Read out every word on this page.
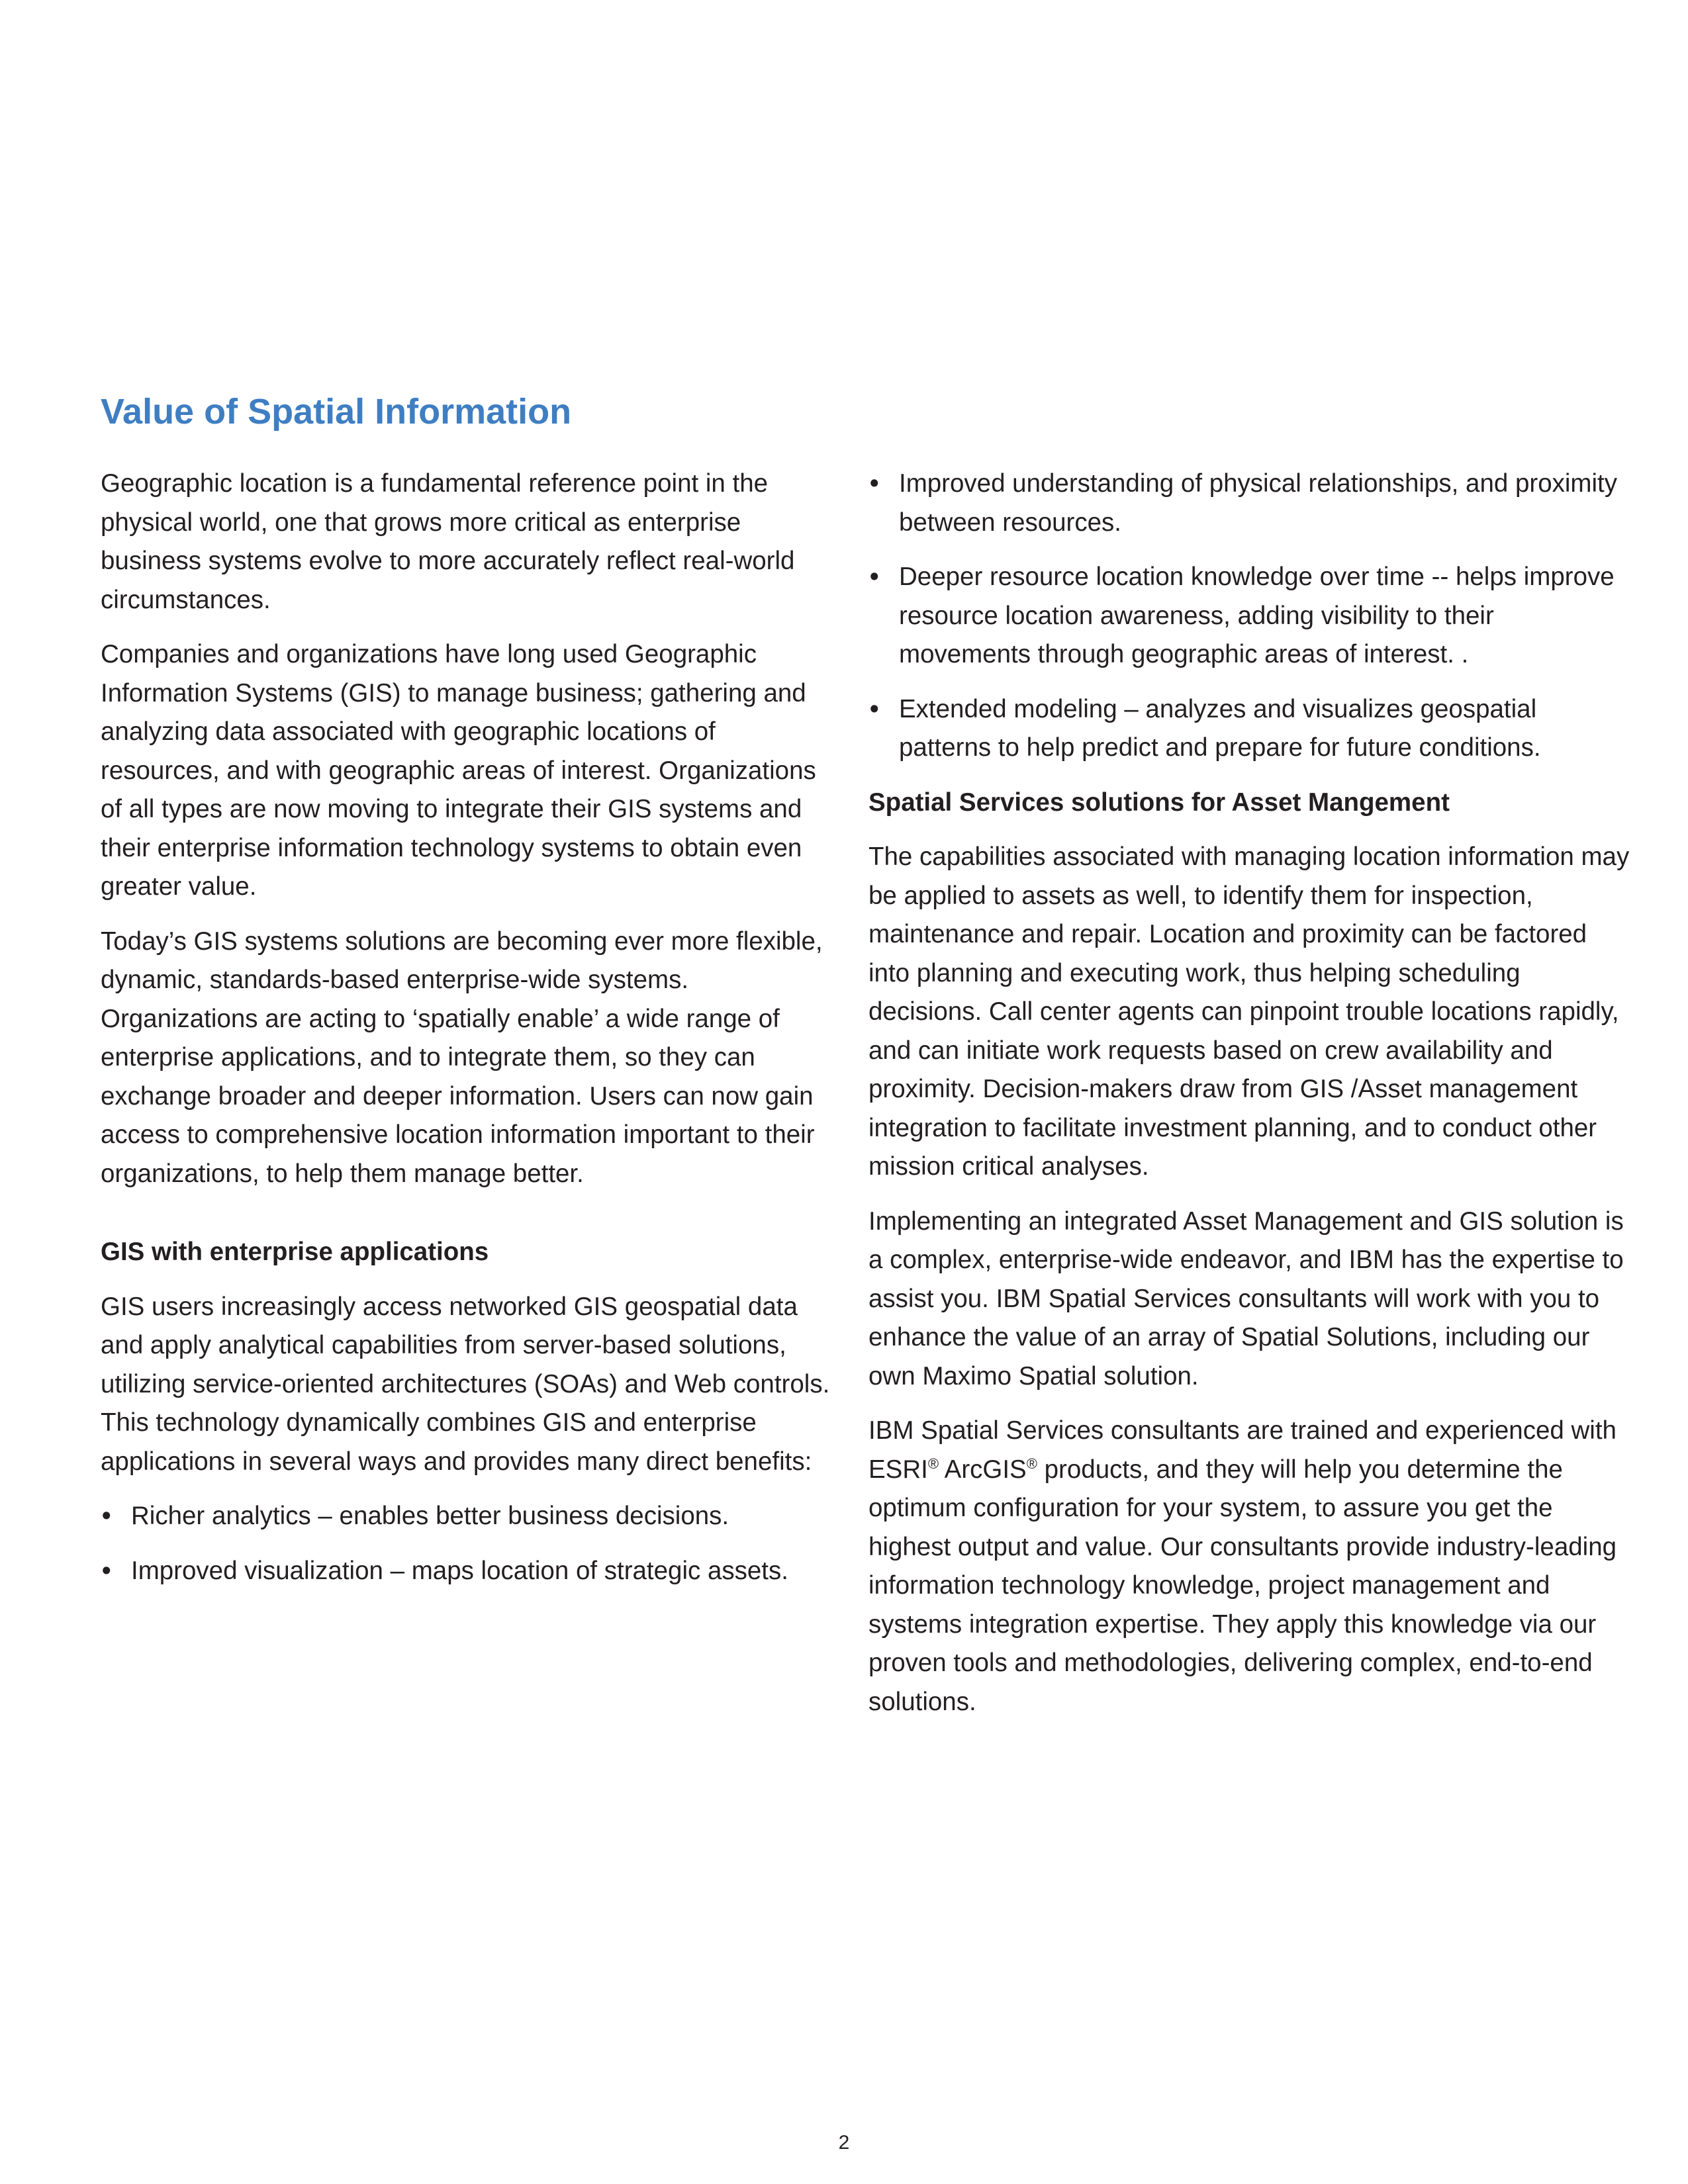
Value of Spatial Information

Geographic location is a fundamental reference point in the physical world, one that grows more critical as enterprise business systems evolve to more accurately reflect real-world circumstances.

Companies and organizations have long used Geographic Information Systems (GIS) to manage business; gathering and analyzing data associated with geographic locations of resources, and with geographic areas of interest. Organizations of all types are now moving to integrate their GIS systems and their enterprise information technology systems to obtain even greater value.

Today’s GIS systems solutions are becoming ever more flexible, dynamic, standards-based enterprise-wide systems. Organizations are acting to ‘spatially enable’ a wide range of enterprise applications, and to integrate them, so they can exchange broader and deeper information. Users can now gain access to comprehensive location information important to their organizations, to help them manage better.

GIS with enterprise applications

GIS users increasingly access networked GIS geospatial data and apply analytical capabilities from server-based solutions, utilizing service-oriented architectures (SOAs) and Web controls. This technology dynamically combines GIS and enterprise applications in several ways and provides many direct benefits:

• Richer analytics – enables better business decisions.
• Improved visualization – maps location of strategic assets.
• Improved understanding of physical relationships, and proximity between resources.
• Deeper resource location knowledge over time -- helps improve resource location awareness, adding visibility to their movements through geographic areas of interest. .
• Extended modeling – analyzes and visualizes geospatial patterns to help predict and prepare for future conditions.
Spatial Services solutions for Asset Mangement

The capabilities associated with managing location information may be applied to assets as well, to identify them for inspection, maintenance and repair. Location and proximity can be factored into planning and executing work, thus helping scheduling decisions. Call center agents can pinpoint trouble locations rapidly, and can initiate work requests based on crew availability and proximity. Decision-makers draw from GIS /Asset management integration to facilitate investment planning, and to conduct other mission critical analyses.

Implementing an integrated Asset Management and GIS solution is a complex, enterprise-wide endeavor, and IBM has the expertise to assist you. IBM Spatial Services consultants will work with you to enhance the value of an array of Spatial Solutions, including our own Maximo Spatial solution.

IBM Spatial Services consultants are trained and experienced with ESRI® ArcGIS® products, and they will help you determine the optimum configuration for your system, to assure you get the highest output and value. Our consultants provide industry-leading information technology knowledge, project management and systems integration expertise. They apply this knowledge via our proven tools and methodologies, delivering complex, end-to-end solutions.

2
